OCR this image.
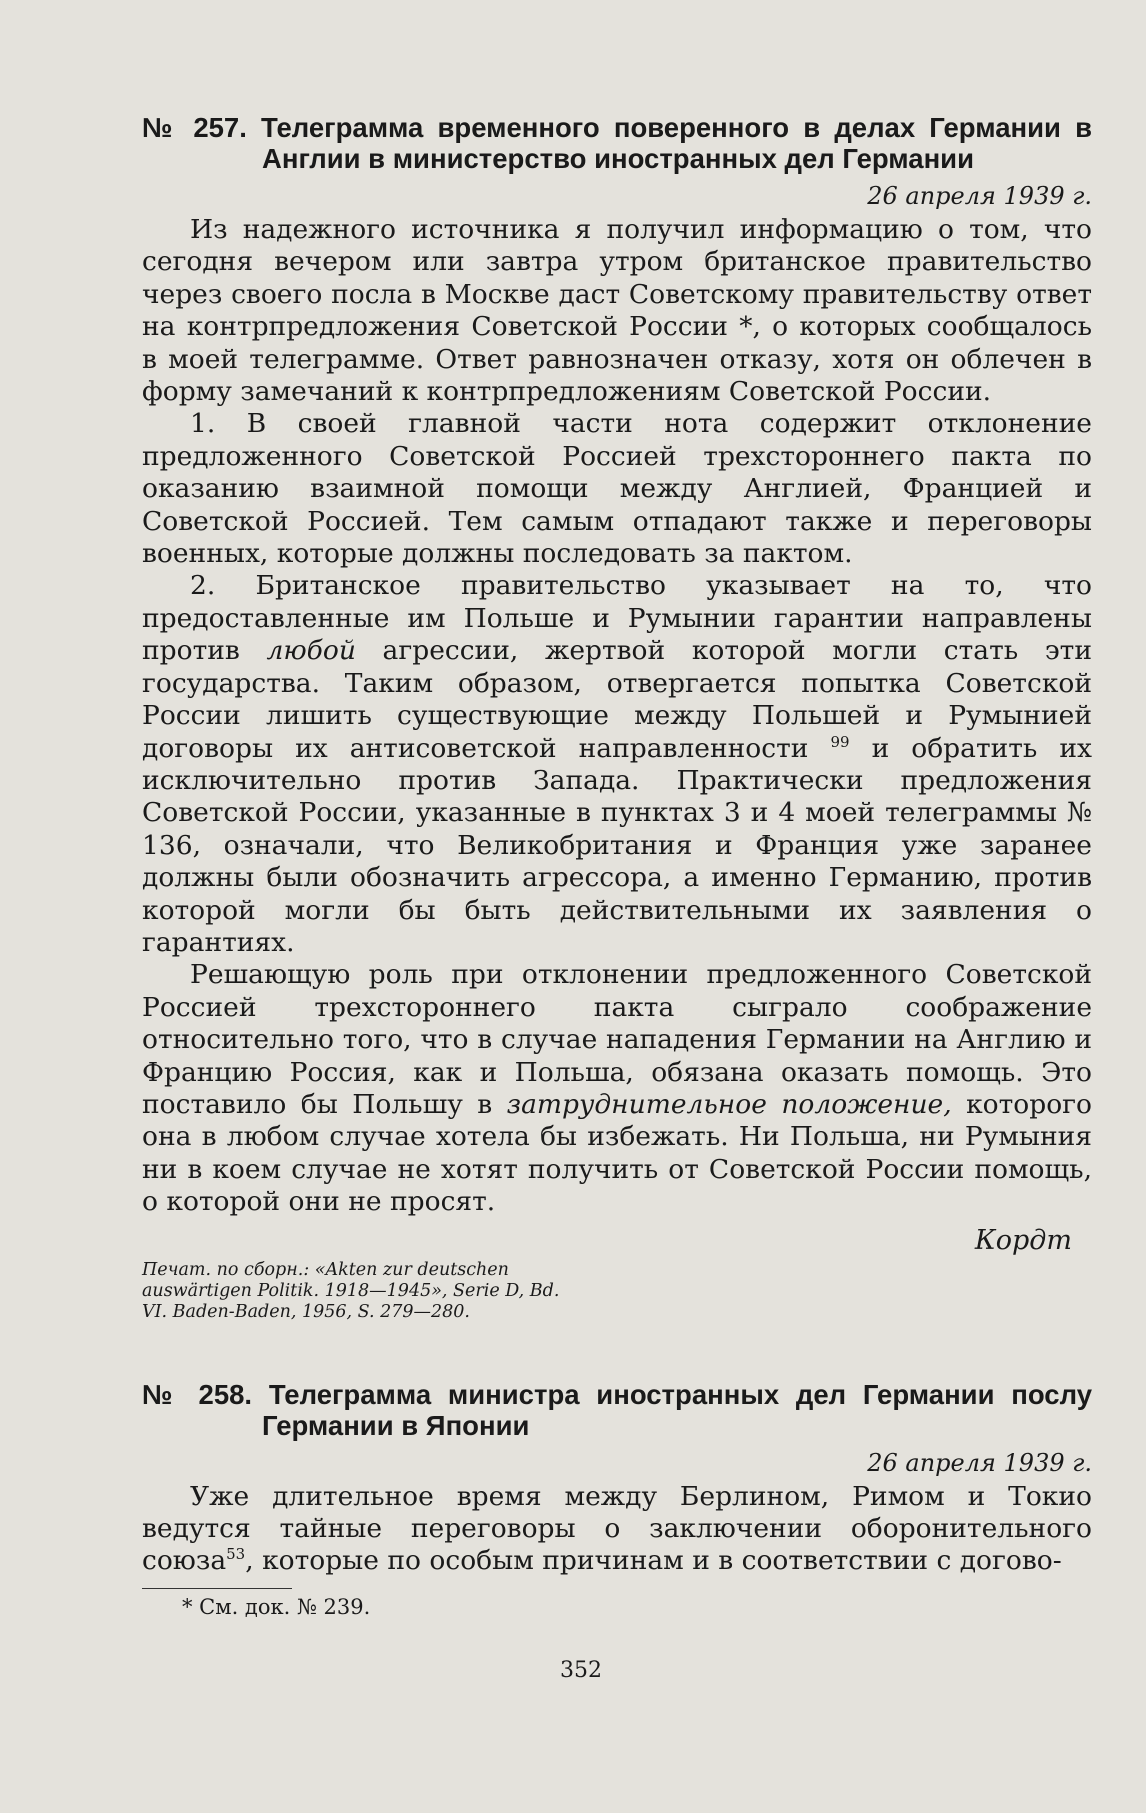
№ 257. Телеграмма временного поверенного в делах Германии в Англии в министерство иностранных дел Германии
26 апреля 1939 г.

Из надежного источника я получил информацию о том, что сегодня вечером или завтра утром британское правительство через своего посла в Москве даст Советскому правительству ответ на контрпредложения Советской России *, о которых сообщалось в моей телеграмме. Ответ равнозначен отказу, хотя он облечен в форму замечаний к контрпредложениям Советской России.

1. В своей главной части нота содержит отклонение предложенного Советской Россией трехстороннего пакта по оказанию взаимной помощи между Англией, Францией и Советской Россией. Тем самым отпадают также и переговоры военных, которые должны последовать за пактом.

2. Британское правительство указывает на то, что предоставленные им Польше и Румынии гарантии направлены против любой агрессии, жертвой которой могли стать эти государства. Таким образом, отвергается попытка Советской России лишить существующие между Польшей и Румынией договоры их антисоветской направленности $^{99}$ и обратить их исключительно против Запада. Практически предложения Советской России, указанные в пунктах 3 и 4 моей телеграммы № 136, означали, что Великобритания и Франция уже заранее должны были обозначить агрессора, а именно Германию, против которой могли бы быть действительными их заявления о гарантиях.

Решающую роль при отклонении предложенного Советской Россией трехстороннего пакта сыграло соображение относительно того, что в случае нападения Германии на Англию и Францию Россия, как и Польша, обязана оказать помощь. Это поставило бы Польшу в затруднительное положение, которого она в любом случае хотела бы избежать. Ни Польша, ни Румыния ни в коем случае не хотят получить от Советской России помощь, о которой они не просят.

Кордт

Печат. по сборн.: «Akten zur deutschen auswärtigen Politik. 1918—1945», Serie D, Bd. VI. Baden-Baden, 1956, S. 279—280.

№ 258. Телеграмма министра иностранных дел Германии послу Германии в Японии
26 апреля 1939 г.

Уже длительное время между Берлином, Римом и Токио ведутся тайные переговоры о заключении оборонительного союза$^{53}$, которые по особым причинам и в соответствии с догово-

* См. док. № 239.

352
